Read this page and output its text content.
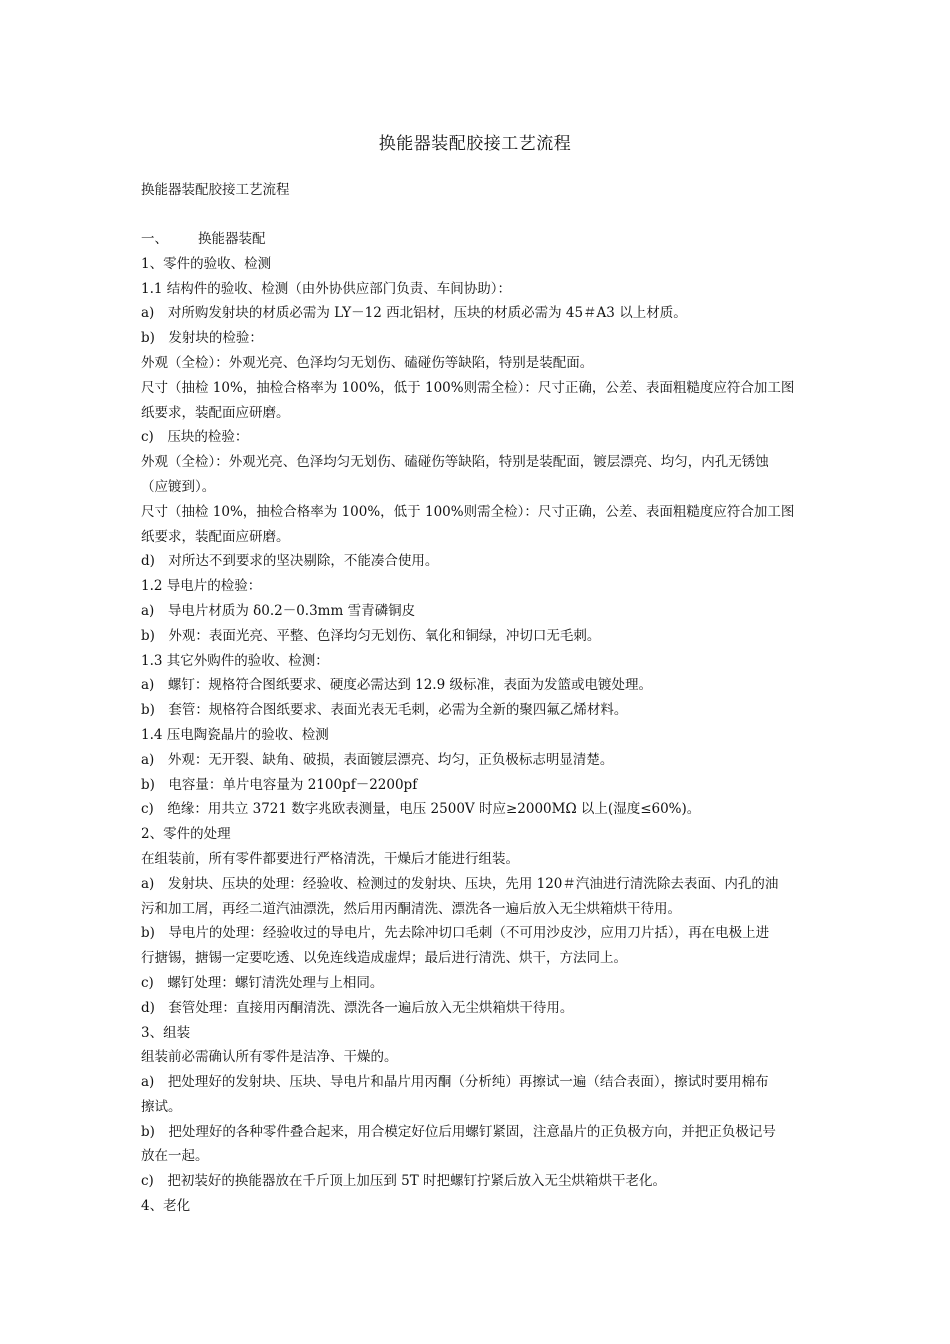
换能器装配胶接工艺流程
换能器装配胶接工艺流程
一、 换能器装配
1、零件的验收、检测
1.1 结构件的验收、检测（由外协供应部门负责、车间协助）：
a)　对所购发射块的材质必需为 LY－12 西北铝材，压块的材质必需为 45＃A3 以上材质。
b)　发射块的检验：
外观（全检）：外观光亮、色泽均匀无划伤、磕碰伤等缺陷，特别是装配面。
尺寸（抽检 10%，抽检合格率为 100%，低于 100%则需全检）：尺寸正确，公差、表面粗糙度应符合加工图
纸要求，装配面应研磨。
c)　压块的检验：
外观（全检）：外观光亮、色泽均匀无划伤、磕碰伤等缺陷，特别是装配面，镀层漂亮、均匀，内孔无锈蚀
（应镀到）。
尺寸（抽检 10%，抽检合格率为 100%，低于 100%则需全检）：尺寸正确，公差、表面粗糙度应符合加工图
纸要求，装配面应研磨。
d)　对所达不到要求的坚决剔除，不能凑合使用。
1.2 导电片的检验：
a)　导电片材质为 δ0.2－0.3mm 雪青磷铜皮
b)　外观：表面光亮、平整、色泽均匀无划伤、氧化和铜绿，冲切口无毛刺。
1.3 其它外购件的验收、检测：
a)　螺钉：规格符合图纸要求、硬度必需达到 12.9 级标准，表面为发篮或电镀处理。
b)　套管：规格符合图纸要求、表面光表无毛刺，必需为全新的聚四氟乙烯材料。
1.4 压电陶瓷晶片的验收、检测
a)　外观：无开裂、缺角、破损，表面镀层漂亮、均匀，正负极标志明显清楚。
b)　电容量：单片电容量为 2100pf－2200pf
c)　绝缘：用共立 3721 数字兆欧表测量，电压 2500V 时应≥2000MΩ 以上(湿度≤60%)。
2、零件的处理
在组装前，所有零件都要进行严格清洗，干燥后才能进行组装。
a)　发射块、压块的处理：经验收、检测过的发射块、压块，先用 120＃汽油进行清洗除去表面、内孔的油
污和加工屑，再经二道汽油漂洗，然后用丙酮清洗、漂洗各一遍后放入无尘烘箱烘干待用。
b)　导电片的处理：经验收过的导电片，先去除冲切口毛刺（不可用沙皮沙，应用刀片括），再在电极上进
行搪锡，搪锡一定要吃透、以免连线造成虚焊；最后进行清洗、烘干，方法同上。
c)　螺钉处理：螺钉清洗处理与上相同。
d)　套管处理：直接用丙酮清洗、漂洗各一遍后放入无尘烘箱烘干待用。
3、组装
组装前必需确认所有零件是洁净、干燥的。
a)　把处理好的发射块、压块、导电片和晶片用丙酮（分析纯）再擦试一遍（结合表面），擦试时要用棉布
擦试。
b)　把处理好的各种零件叠合起来，用合模定好位后用螺钉紧固，注意晶片的正负极方向，并把正负极记号
放在一起。
c)　把初装好的换能器放在千斤顶上加压到 5T 时把螺钉拧紧后放入无尘烘箱烘干老化。
4、老化
